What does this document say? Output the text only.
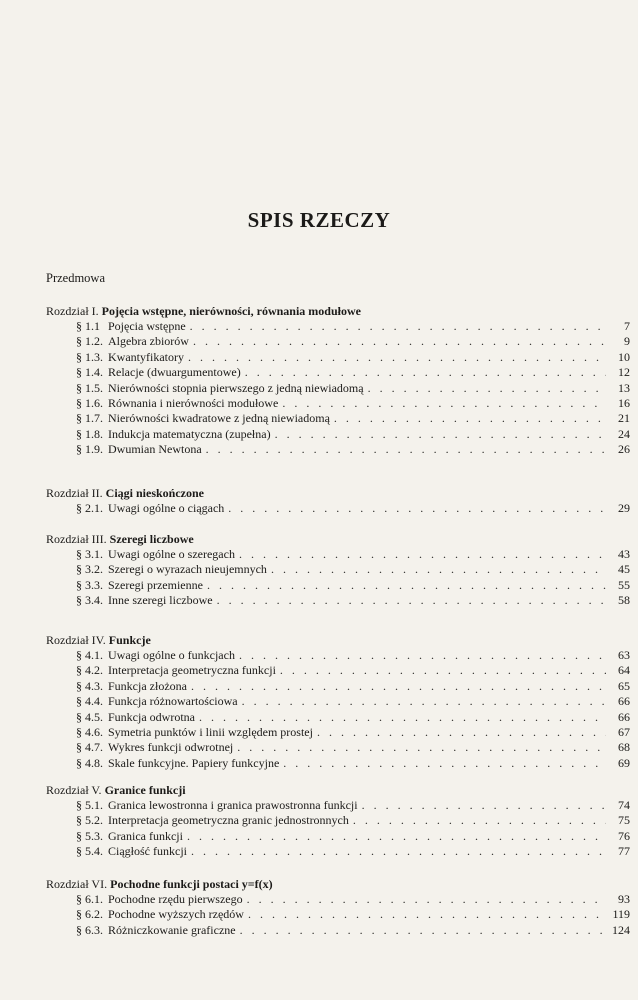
SPIS RZECZY
Przedmowa
Rozdział I. Pojęcia wstępne, nierówności, równania modułowe
§ 1.1 Pojęcia wstępne . . .	7
§ 1.2. Algebra zbiorów . . .	9
§ 1.3. Kwantyfikatory . . .	10
§ 1.4. Relacje (dwuargumentowe) . . .	12
§ 1.5. Nierówności stopnia pierwszego z jedną niewiadomą . . .	13
§ 1.6. Równania i nierówności modułowe . . .	16
§ 1.7. Nierówności kwadratowe z jedną niewiadomą . . .	21
§ 1.8. Indukcja matematyczna (zupełna) . . .	24
§ 1.9. Dwumian Newtona . . .	26
Rozdział II. Ciągi nieskończone
§ 2.1. Uwagi ogólne o ciągach . . .	29
Rozdział III. Szeregi liczbowe
§ 3.1. Uwagi ogólne o szeregach . . .	43
§ 3.2. Szeregi o wyrazach nieujemnych . . .	45
§ 3.3. Szeregi przemienne . . .	55
§ 3.4. Inne szeregi liczbowe . . .	58
Rozdział IV. Funkcje
§ 4.1. Uwagi ogólne o funkcjach . . .	63
§ 4.2. Interpretacja geometryczna funkcji . . .	64
§ 4.3. Funkcja złożona . . .	65
§ 4.4. Funkcja różnowartościowa . . .	66
§ 4.5. Funkcja odwrotna . . .	66
§ 4.6. Symetria punktów i linii względem prostej . . .	67
§ 4.7. Wykres funkcji odwrotnej . . .	68
§ 4.8. Skale funkcyjne. Papiery funkcyjne . . .	69
Rozdział V. Granice funkcji
§ 5.1. Granica lewostronna i granica prawostronna funkcji . . .	74
§ 5.2. Interpretacja geometryczna granic jednostronnych . . .	75
§ 5.3. Granica funkcji . . .	76
§ 5.4. Ciągłość funkcji . . .	77
Rozdział VI. Pochodne funkcji postaci y=f(x)
§ 6.1. Pochodne rzędu pierwszego . . .	93
§ 6.2. Pochodne wyższych rzędów . . .	119
§ 6.3. Różniczkowanie graficzne . . .	124
